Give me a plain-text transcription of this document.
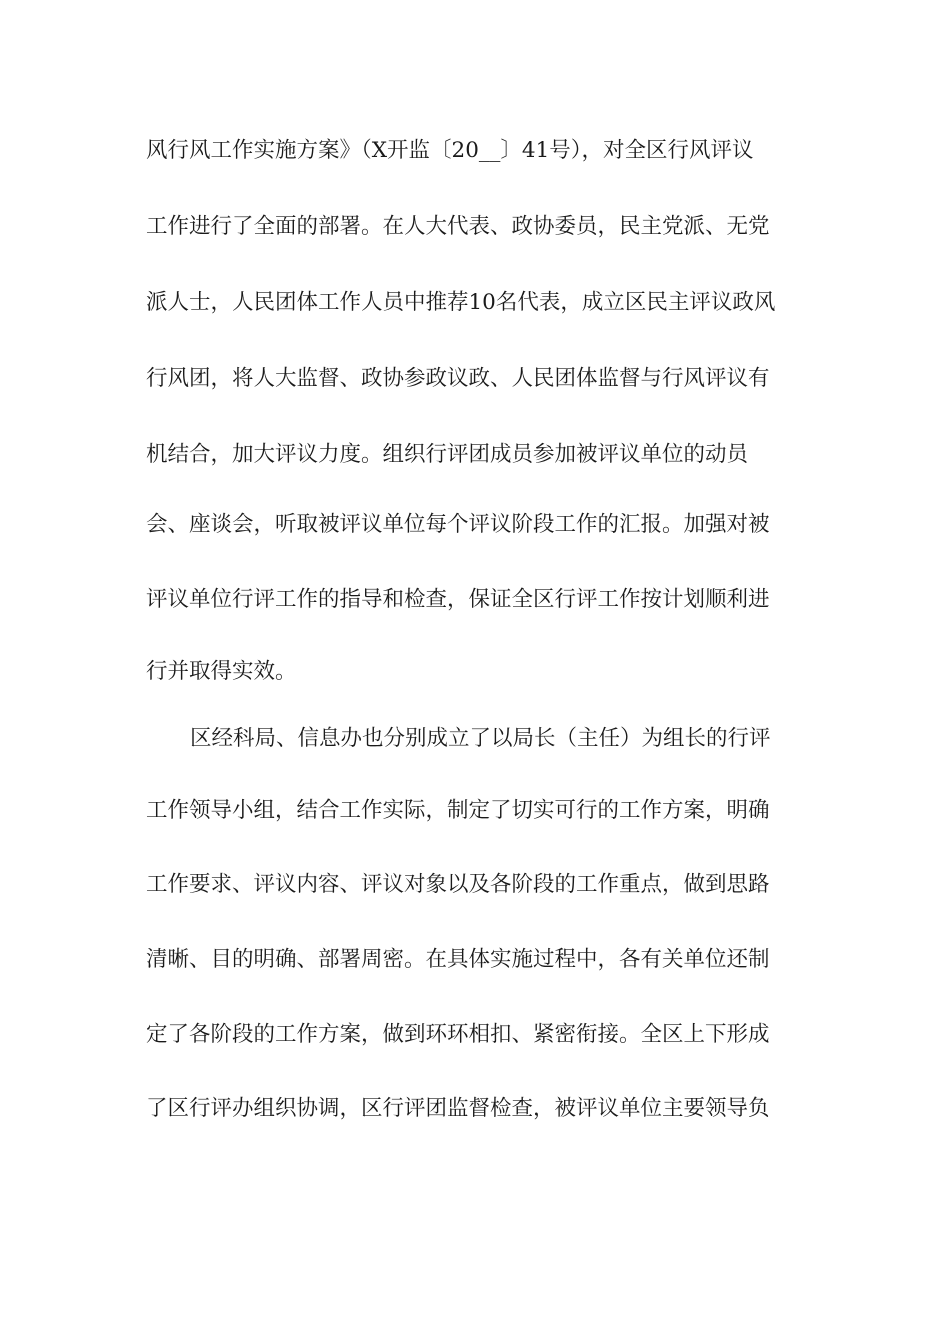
风行风工作实施方案》（X开监〔20__〕41号），对全区行风评议
工作进行了全面的部署。在人大代表、政协委员，民主党派、无党
派人士，人民团体工作人员中推荐10名代表，成立区民主评议政风
行风团，将人大监督、政协参政议政、人民团体监督与行风评议有
机结合，加大评议力度。组织行评团成员参加被评议单位的动员
会、座谈会，听取被评议单位每个评议阶段工作的汇报。加强对被
评议单位行评工作的指导和检查，保证全区行评工作按计划顺利进
行并取得实效。
区经科局、信息办也分别成立了以局长（主任）为组长的行评
工作领导小组，结合工作实际，制定了切实可行的工作方案，明确
工作要求、评议内容、评议对象以及各阶段的工作重点，做到思路
清晰、目的明确、部署周密。在具体实施过程中，各有关单位还制
定了各阶段的工作方案，做到环环相扣、紧密衔接。全区上下形成
了区行评办组织协调，区行评团监督检查，被评议单位主要领导负
